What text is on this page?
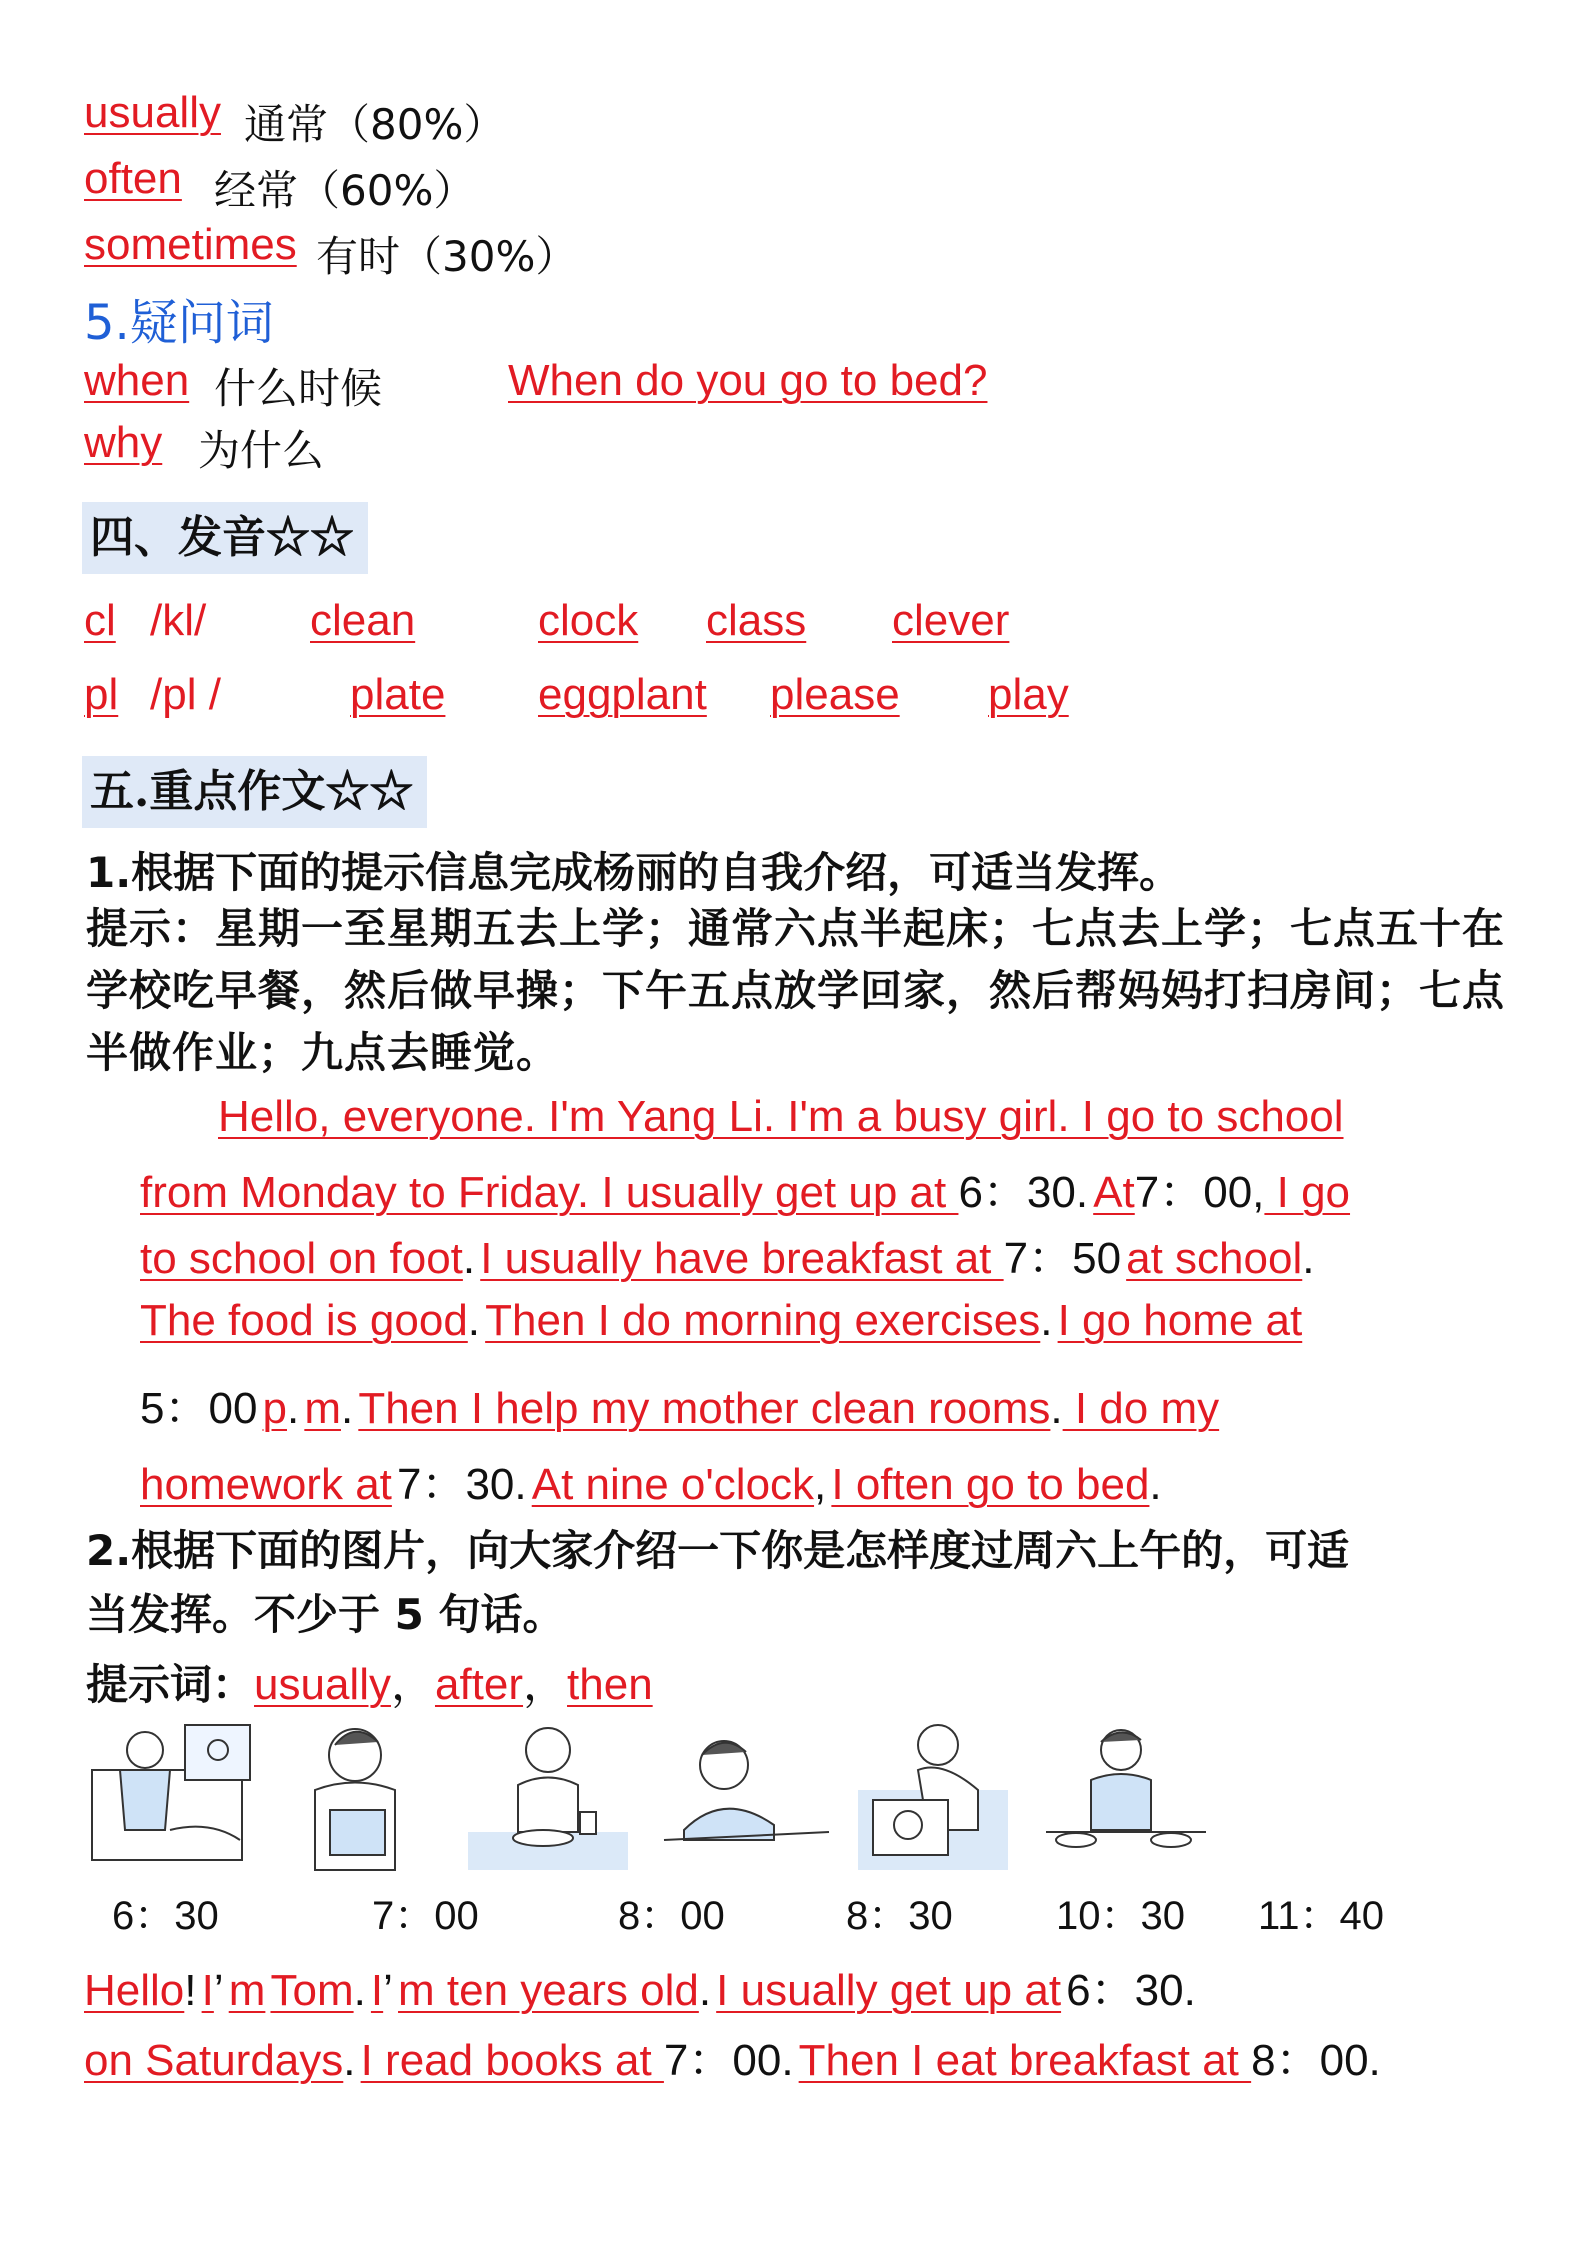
usually 通常（80%）
often 经常（60%）
sometimes 有时（30%）
5.疑问词
when 什么时候	When do you go to bed?
why 为什么
四、发音☆☆
cl /kl/ clean	clock class clever
pl /pl /	plate eggplant please play
五.重点作文☆☆
1.根据下面的提示信息完成杨丽的自我介绍，可适当发挥。
提示：星期一至星期五去上学；通常六点半起床；七点去上学；七点五十在学校吃早餐，然后做早操；下午五点放学回家，然后帮妈妈打扫房间；七点半做作业；九点去睡觉。
Hello, everyone. I'm Yang Li. I'm a busy girl. I go to school
from Monday to Friday. I usually get up at 6：30. At7：00, I go
to school on foot. I usually have breakfast at 7：50 at school.
The food is good. Then I do morning exercises. I go home at
5：00 p. m. Then I help my mother clean rooms. I do my
homework at 7：30. At nine o'clock, I often go to bed.
2.根据下面的图片，向大家介绍一下你是怎样度过周六上午的，可适
当发挥。不少于 5 句话。
提示词：usually，after，then
6：30	7：00	8：00	8：30	10：30 11：40
Hello! I’ m Tom. I’ m ten years old. I usually get up at 6：30.
on Saturdays. I read books at 7：00. Then I eat breakfast at 8：00.
